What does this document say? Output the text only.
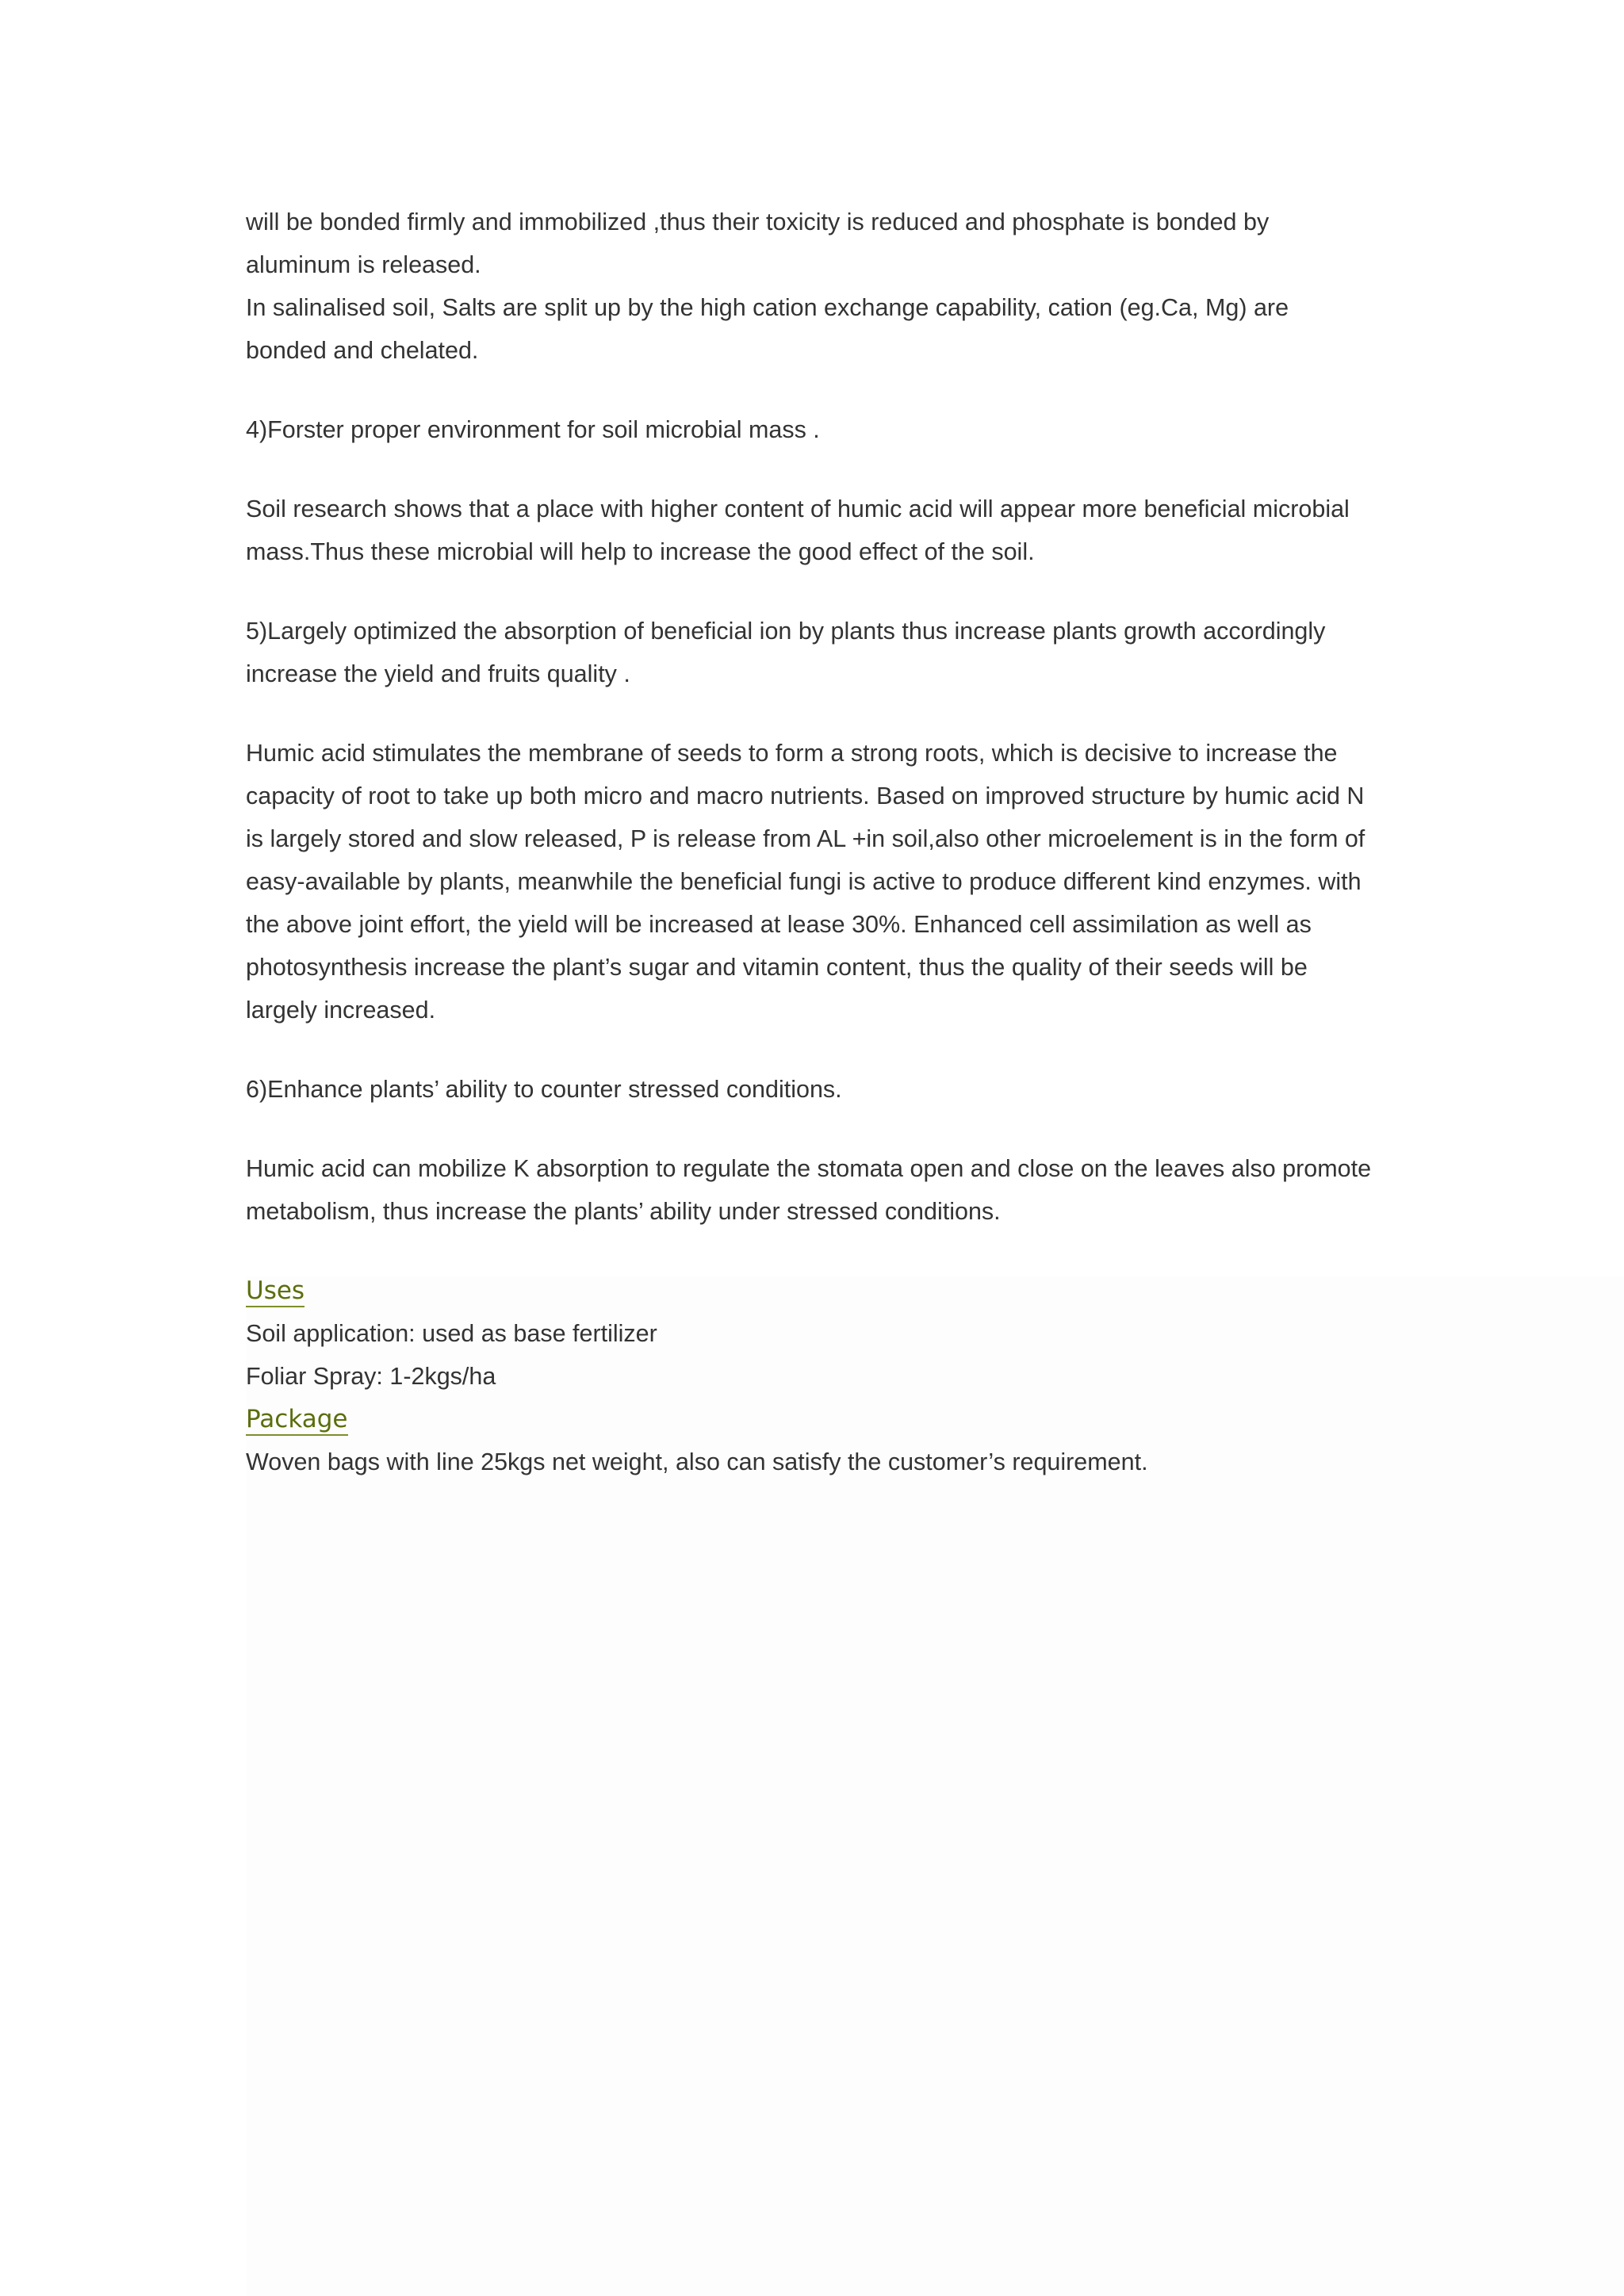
will be bonded firmly and immobilized ,thus their toxicity is reduced and phosphate is bonded by

aluminum is released.

In salinalised soil, Salts are split up by the high cation exchange capability, cation (eg.Ca, Mg) are

bonded and chelated.

4)Forster proper environment for soil microbial mass .

Soil research shows that a place with higher content of humic acid will appear more beneficial microbial

mass.Thus these microbial will help to increase the good effect of the soil.

5)Largely optimized the absorption of beneficial ion by plants thus increase plants growth accordingly

increase the yield and fruits quality .

Humic acid stimulates the membrane of seeds to form a strong roots, which is decisive to increase the

capacity of root to take up both micro and macro nutrients. Based on improved structure by humic acid N

is largely stored and slow released, P is release from AL +in soil,also other microelement is in the form of

easy-available by plants, meanwhile the beneficial fungi is active to produce different kind enzymes. with

the above joint effort, the yield will be increased at lease 30%. Enhanced cell assimilation as well as

photosynthesis increase the plant’s sugar and vitamin content, thus the quality of their seeds will be

largely increased.

6)Enhance plants’ ability to counter stressed conditions.

Humic acid can mobilize K absorption to regulate the stomata open and close on the leaves also promote

metabolism, thus increase the plants’ ability under stressed conditions.

Uses

Soil application: used as base fertilizer

Foliar Spray: 1-2kgs/ha

Package

Woven bags with line 25kgs net weight, also can satisfy the customer’s requirement.
